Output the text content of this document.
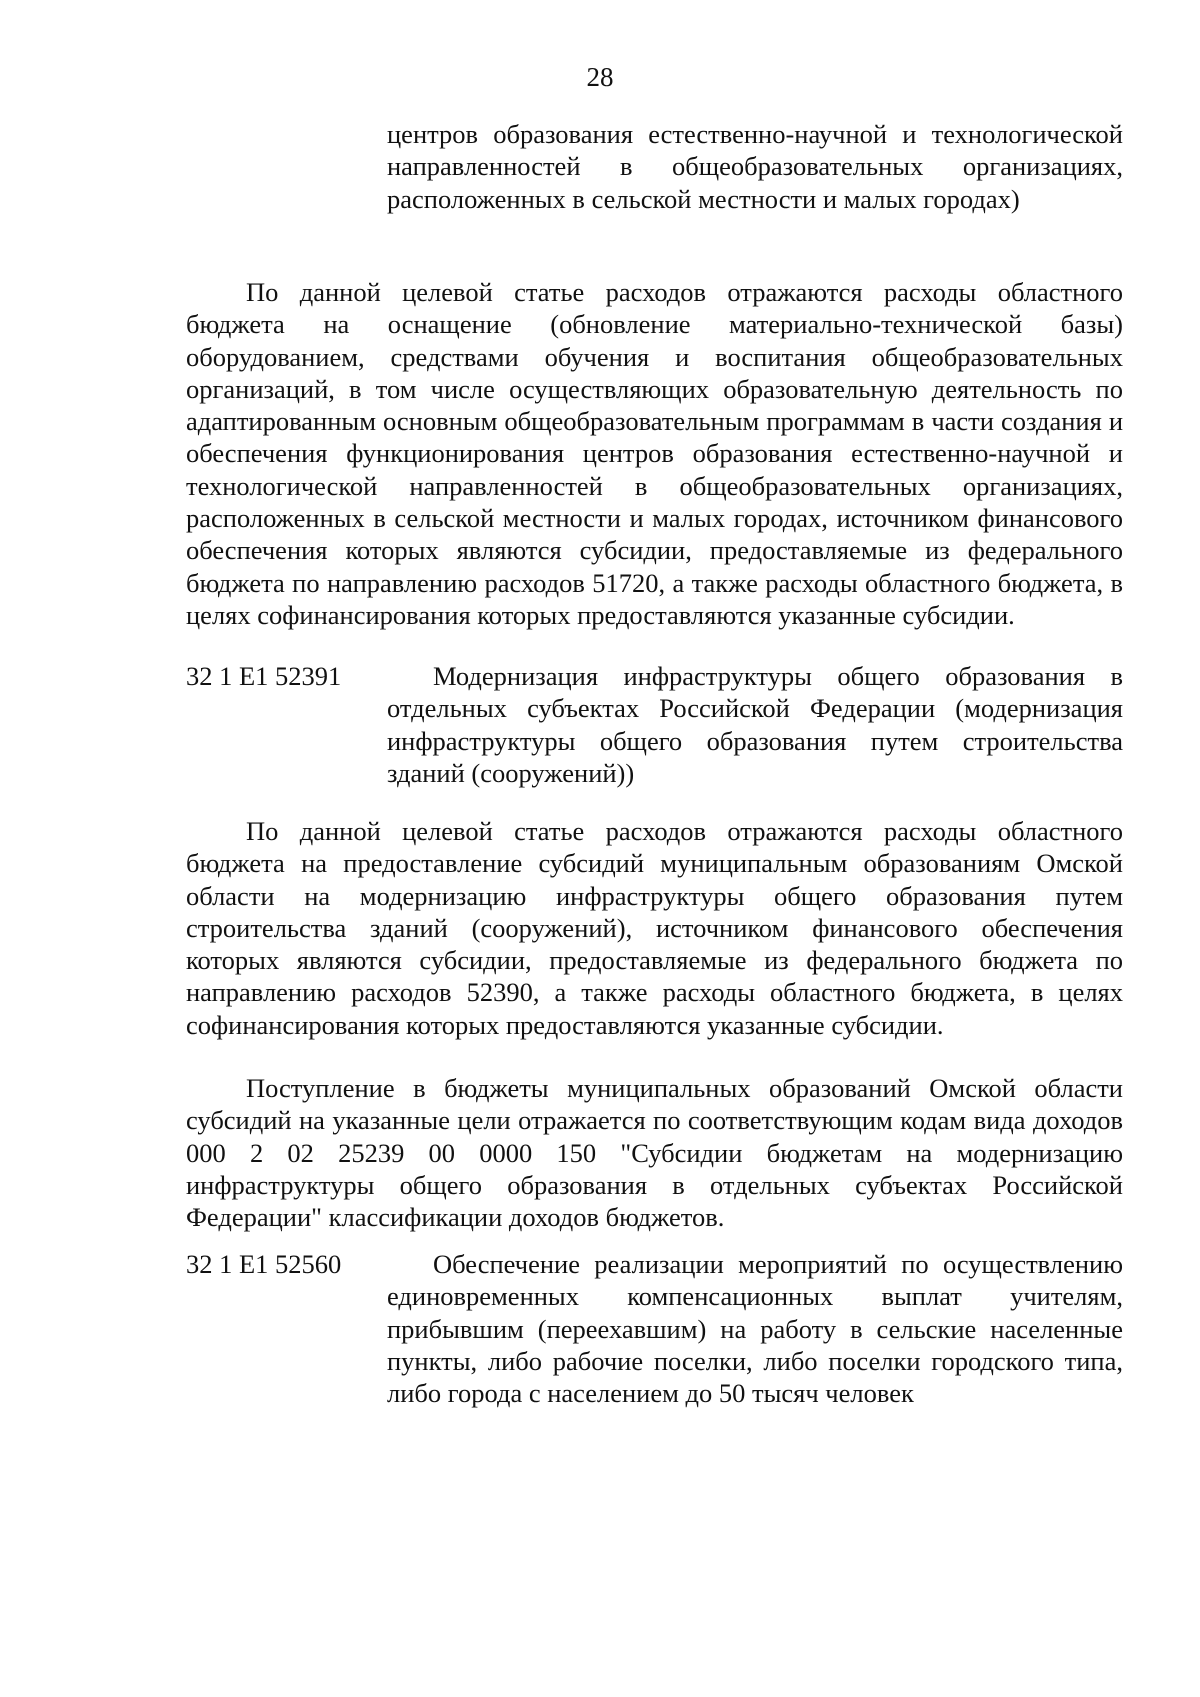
28
центров образования естественно-научной и технологической направленностей в общеобразовательных организациях, расположенных в сельской местности и малых городах)
По данной целевой статье расходов отражаются расходы областного бюджета на оснащение (обновление материально-технической базы) оборудованием, средствами обучения и воспитания общеобразовательных организаций, в том числе осуществляющих образовательную деятельность по адаптированным основным общеобразовательным программам в части создания и обеспечения функционирования центров образования естественно-научной и технологической направленностей в общеобразовательных организациях, расположенных в сельской местности и малых городах, источником финансового обеспечения которых являются субсидии, предоставляемые из федерального бюджета по направлению расходов 51720, а также расходы областного бюджета, в целях софинансирования которых предоставляются указанные субсидии.
32 1 E1 52391	Модернизация инфраструктуры общего образования в отдельных субъектах Российской Федерации (модернизация инфраструктуры общего образования путем строительства зданий (сооружений))
По данной целевой статье расходов отражаются расходы областного бюджета на предоставление субсидий муниципальным образованиям Омской области на модернизацию инфраструктуры общего образования путем строительства зданий (сооружений), источником финансового обеспечения которых являются субсидии, предоставляемые из федерального бюджета по направлению расходов 52390, а также расходы областного бюджета, в целях софинансирования которых предоставляются указанные субсидии.
Поступление в бюджеты муниципальных образований Омской области субсидий на указанные цели отражается по соответствующим кодам вида доходов 000 2 02 25239 00 0000 150 "Субсидии бюджетам на модернизацию инфраструктуры общего образования в отдельных субъектах Российской Федерации" классификации доходов бюджетов.
32 1 E1 52560	Обеспечение реализации мероприятий по осуществлению единовременных компенсационных выплат учителям, прибывшим (переехавшим) на работу в сельские населенные пункты, либо рабочие поселки, либо поселки городского типа, либо города с населением до 50 тысяч человек
